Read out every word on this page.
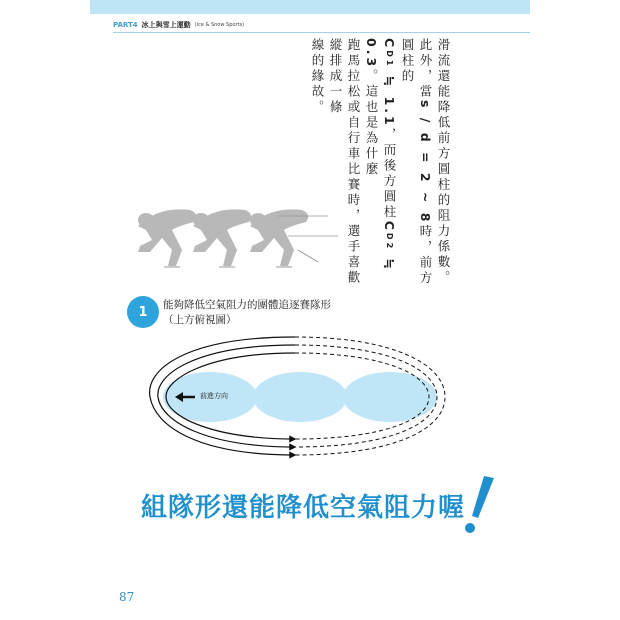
PART4 冰上與雪上運動 (Ice & Snow Sports)

滑流還能降低前方圓柱的阻力係數。

此外，當s / d = 2 ~ 8時，前方圓柱的

CD1 ≒ 1.1，而後方圓柱CD2 ≒ 0.3。這也是為什麼

跑馬拉松或自行車比賽時，選手喜歡縱排成一條

線的緣故。

1	能夠降低空氣阻力的團體追逐賽隊形
（上方俯視圖）
前進方向
組隊形還能降低空氣阻力喔
87
